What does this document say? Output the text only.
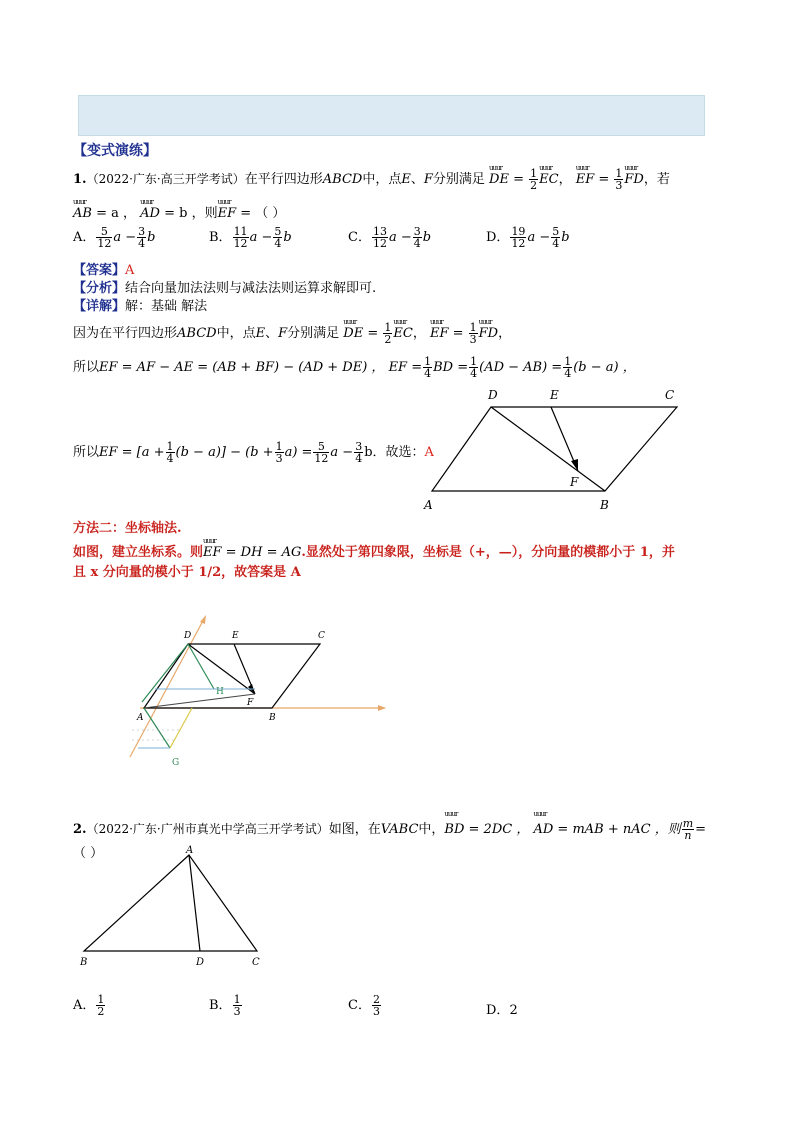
【变式演练】
1.（2022·广东·高三开学考试）在平行四边形ABCD中，点E、F分别满足 uuur DE = $\frac{1}{2}$ uuur EC， uuur EF = $\frac{1}{3}$ uuur FD，若
uuur AB = a ， uuur AD = b ，则uuur EF = （ ）
A． $\frac{5}{12}$ $a - \frac{3}{4}$ b	B． $\frac{11}{12}$ $a - \frac{5}{4}$ b	C． $\frac{13}{12}$ $a - \frac{3}{4}$ b	D． $\frac{19}{12}$ $a - \frac{5}{4}$ b
【答案】A
【分析】结合向量加法法则与减法法则运算求解即可.
【详解】解：基础 解法
因为在平行四边形ABCD中，点E、F分别满足 uuur DE = $\frac{1}{2}$ uuur EC， uuur EF = $\frac{1}{3}$ uuur FD，
所以EF = AF − AE = (AB + BF) − (AD + DE) ， EF = $\frac{1}{4}$ BD = $\frac{1}{4} (AD - AB) = \frac{1}{4} (b - a)$ ，
所以EF = $[a + \frac{1}{4} (b - a)] - (b + \frac{1}{3} a) = \frac{5}{12}$ $a - \frac{3}{4}$ b．故选：A
D	E	C
F
A	B
方法二：坐标轴法.
如图，建立坐标系。则uuur EF = DH = AG.显然处于第四象限，坐标是（+，—），分向量的模都小于 1，并
且 x 分向量的模小于 1/2，故答案是 A
D	E	C
H
F
A	B
G
2.（2022·广东·广州市真光中学高三开学考试）如图，在VABC中，uuur BD = 2DC ， uuur AD = mAB + nAC ，则 $\frac{m}{n}$ =
（ ）	A
B	D	C
A． $\frac{1}{2}$	B． $\frac{1}{3}$	C． $\frac{2}{3}$	D．2
